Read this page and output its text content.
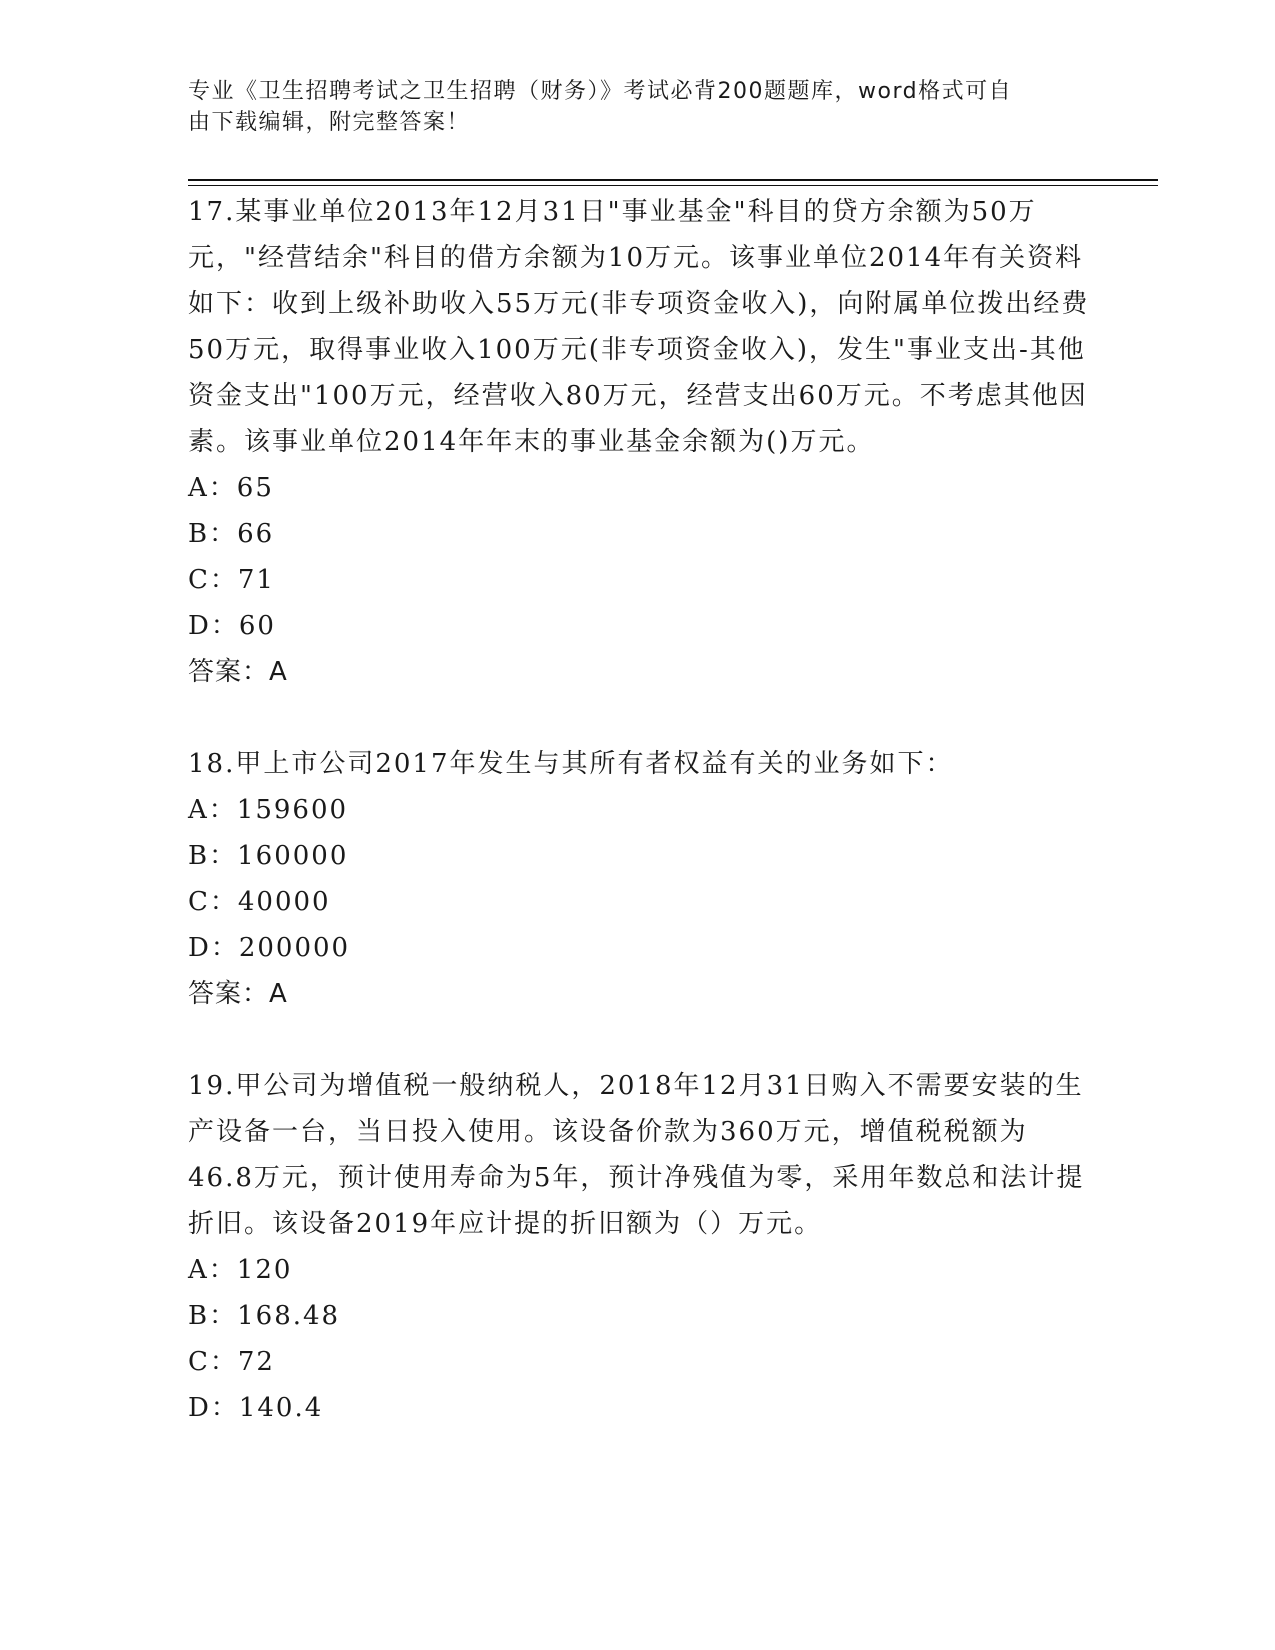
专业《卫生招聘考试之卫生招聘（财务）》考试必背200题题库，word格式可自
由下载编辑，附完整答案！

17.某事业单位2013年12月31日"事业基金"科目的贷方余额为50万元，"经营结余"科目的借方余额为10万元。该事业单位2014年有关资料如下：收到上级补助收入55万元(非专项资金收入)，向附属单位拨出经费50万元，取得事业收入100万元(非专项资金收入)，发生"事业支出-其他资金支出"100万元，经营收入80万元，经营支出60万元。不考虑其他因素。该事业单位2014年年末的事业基金余额为()万元。

A：65

B：66

C：71

D：60

答案：A

18.甲上市公司2017年发生与其所有者权益有关的业务如下：

A：159600

B：160000

C：40000

D：200000

答案：A

19.甲公司为增值税一般纳税人，2018年12月31日购入不需要安装的生产设备一台，当日投入使用。该设备价款为360万元，增值税税额为46.8万元，预计使用寿命为5年，预计净残值为零，采用年数总和法计提折旧。该设备2019年应计提的折旧额为（）万元。

A：120

B：168.48

C：72

D：140.4
